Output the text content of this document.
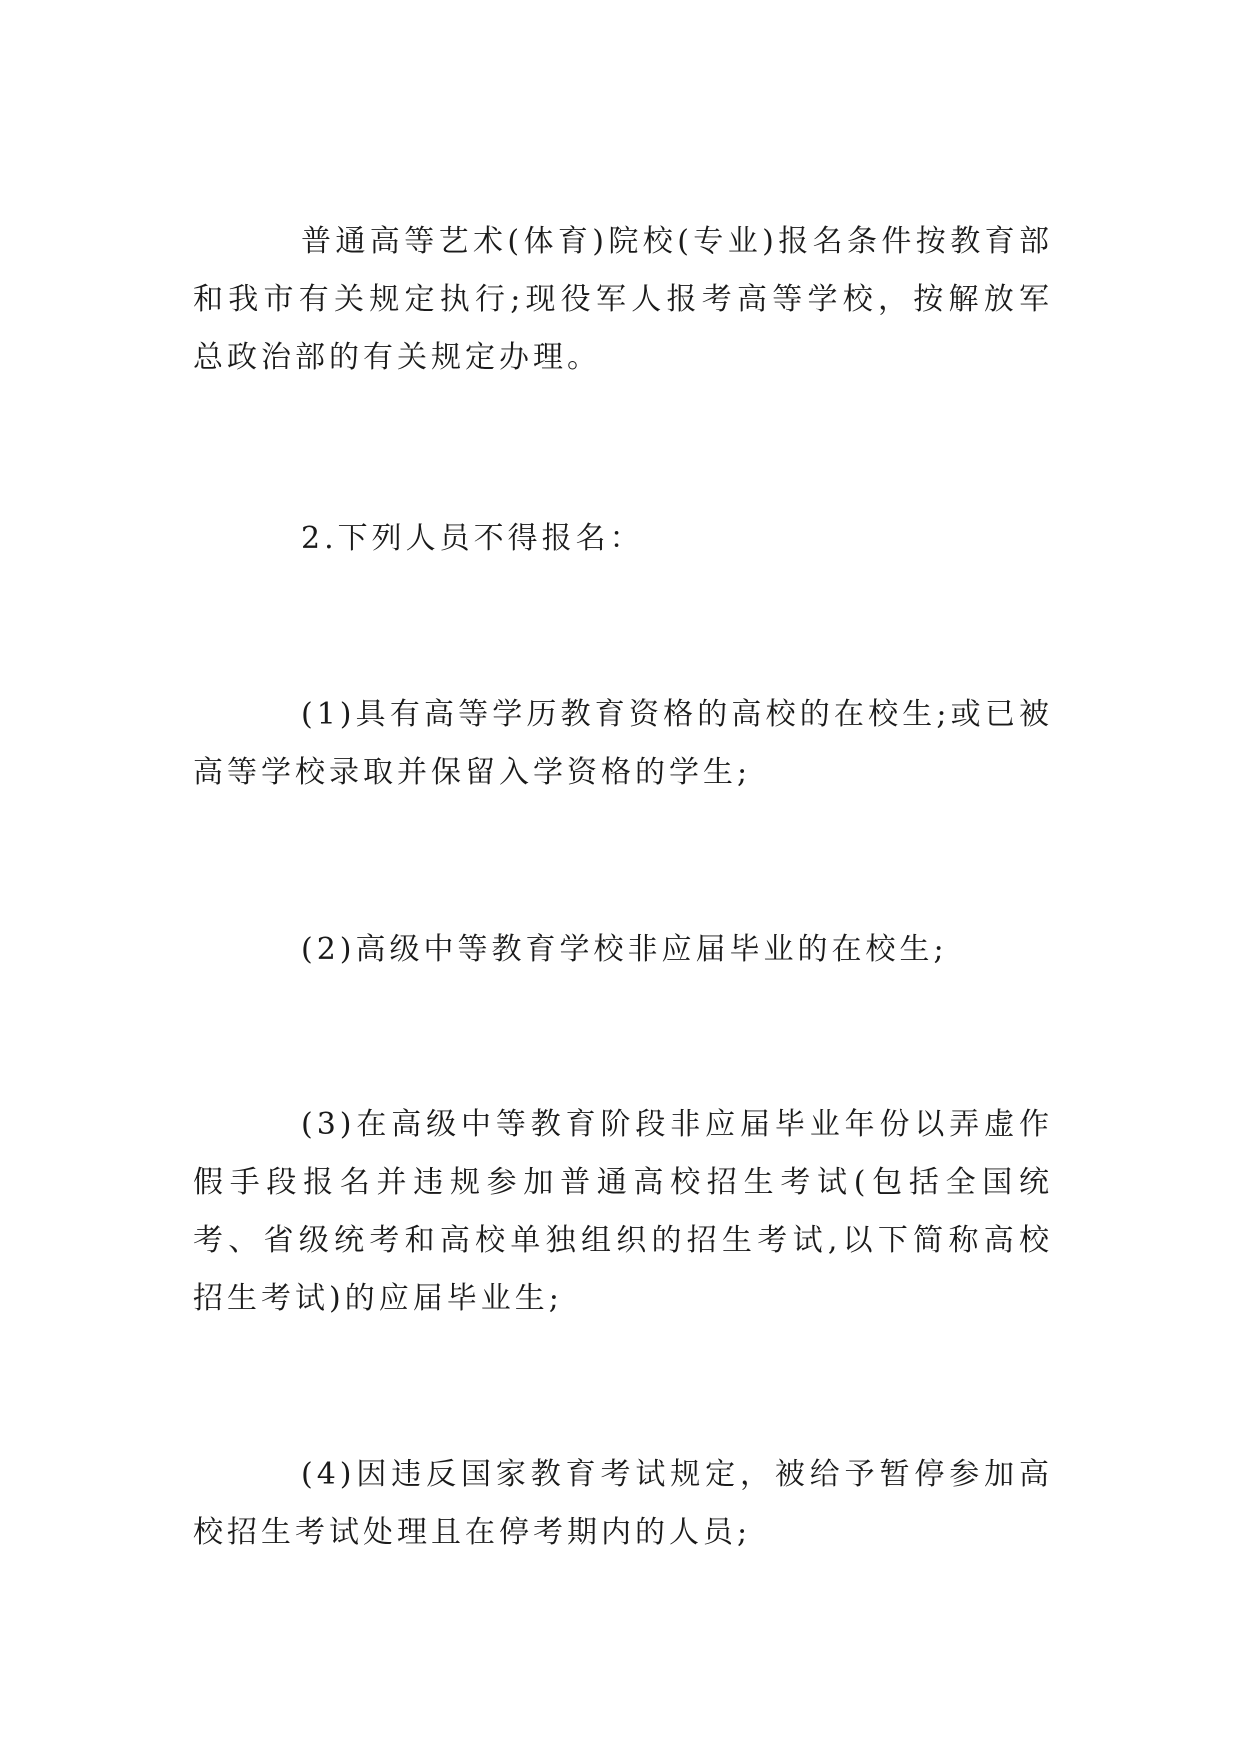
普通高等艺术(体育)院校(专业)报名条件按教育部和我市有关规定执行;现役军人报考高等学校，按解放军总政治部的有关规定办理。

2.下列人员不得报名：

(1)具有高等学历教育资格的高校的在校生;或已被高等学校录取并保留入学资格的学生;

(2)高级中等教育学校非应届毕业的在校生;

(3)在高级中等教育阶段非应届毕业年份以弄虚作假手段报名并违规参加普通高校招生考试(包括全国统考、省级统考和高校单独组织的招生考试,以下简称高校招生考试)的应届毕业生;

(4)因违反国家教育考试规定，被给予暂停参加高校招生考试处理且在停考期内的人员;
